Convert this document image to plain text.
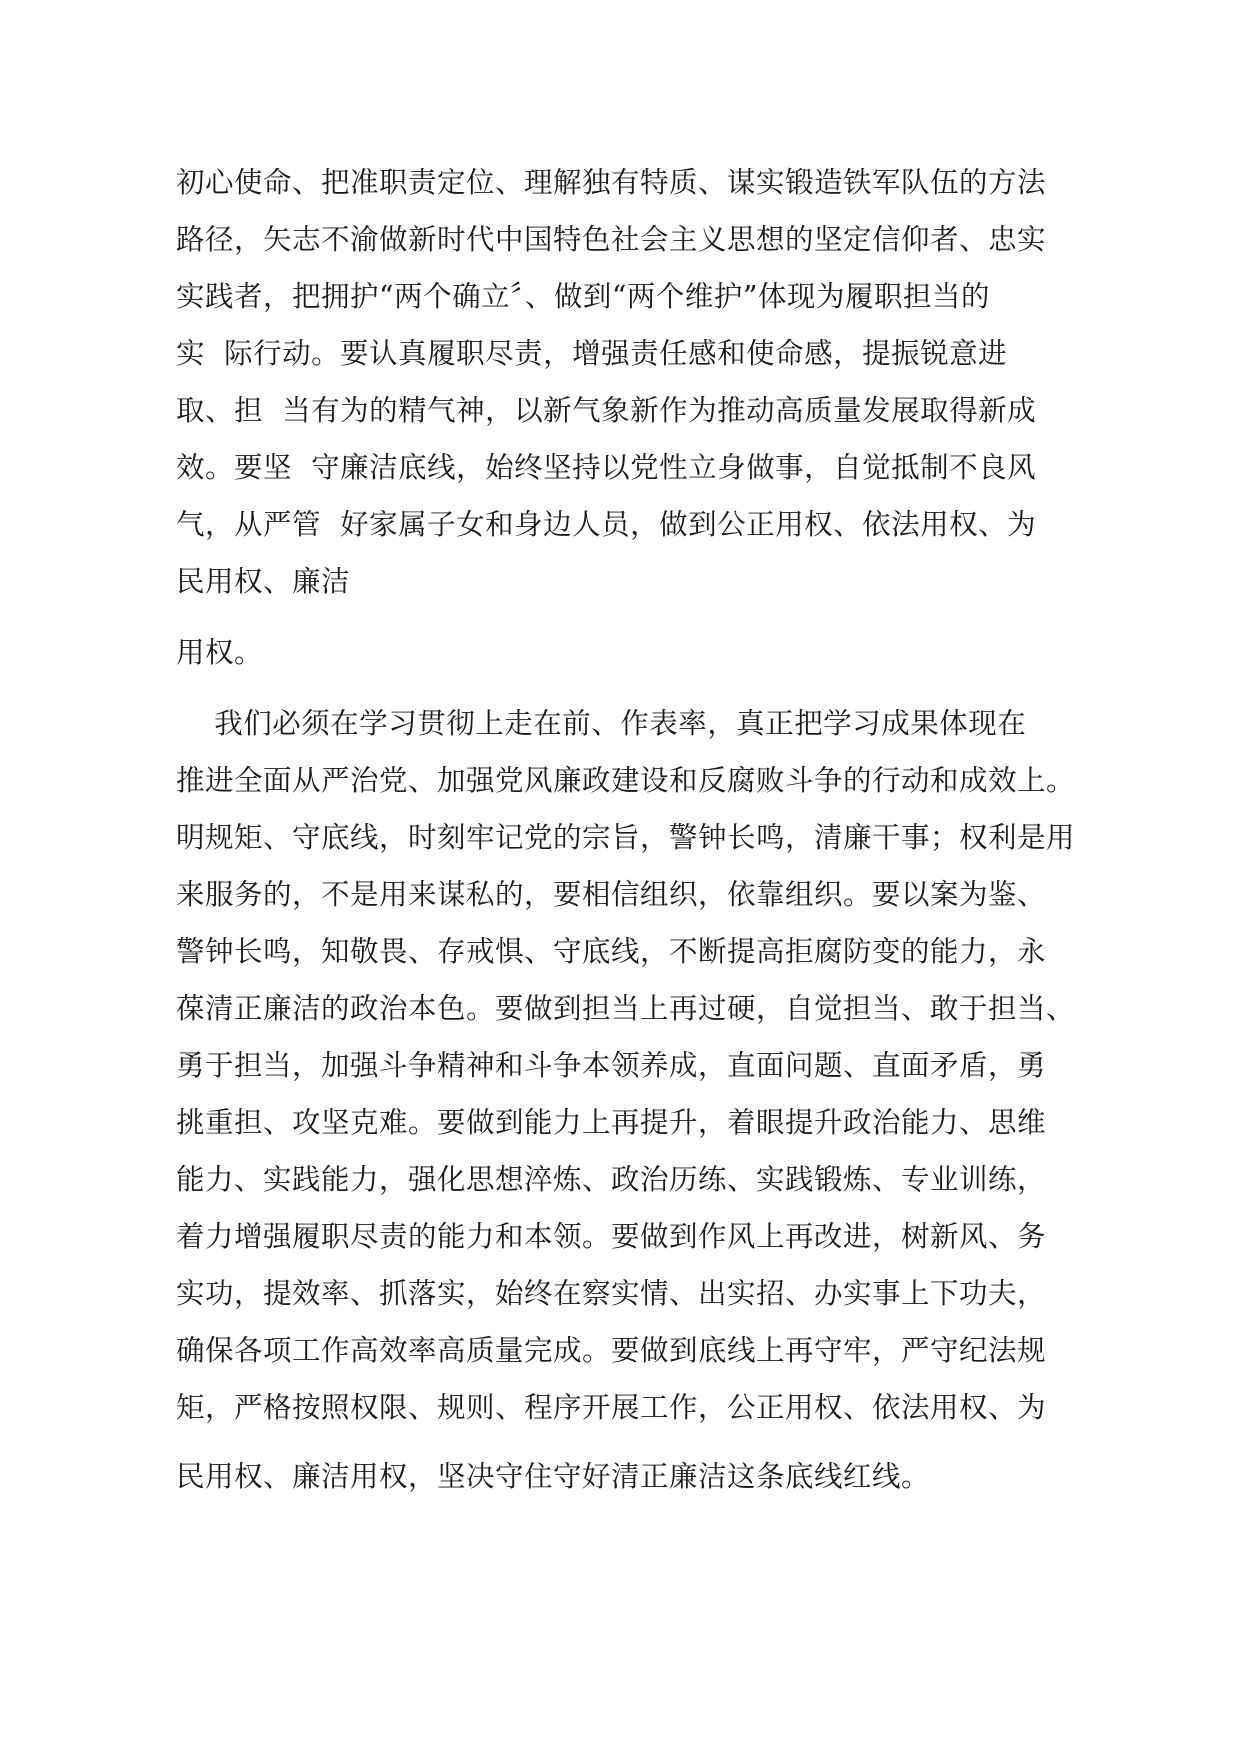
初心使命、把准职责定位、理解独有特质、谋实锻造铁军队伍的方法
路径，矢志不渝做新时代中国特色社会主义思想的坚定信仰者、忠实
实践者，把拥护“两个确立〞、做到“两个维护”体现为履职担当的
实  际行动。要认真履职尽责，增强责任感和使命感，提振锐意进
取、担  当有为的精气神，以新气象新作为推动高质量发展取得新成
效。要坚  守廉洁底线，始终坚持以党性立身做事，自觉抵制不良风
气，从严管  好家属子女和身边人员，做到公正用权、依法用权、为
民用权、廉洁
用权。
我们必须在学习贯彻上走在前、作表率，真正把学习成果体现在
推进全面从严治党、加强党风廉政建设和反腐败斗争的行动和成效上。
明规矩、守底线，时刻牢记党的宗旨，警钟长鸣，清廉干事；权利是用
来服务的，不是用来谋私的，要相信组织，依靠组织。要以案为鉴、
警钟长鸣，知敬畏、存戒惧、守底线，不断提高拒腐防变的能力，永
葆清正廉洁的政治本色。要做到担当上再过硬，自觉担当、敢于担当、
勇于担当，加强斗争精神和斗争本领养成，直面问题、直面矛盾，勇
挑重担、攻坚克难。要做到能力上再提升，着眼提升政治能力、思维
能力、实践能力，强化思想淬炼、政治历练、实践锻炼、专业训练，
着力增强履职尽责的能力和本领。要做到作风上再改进，树新风、务
实功，提效率、抓落实，始终在察实情、出实招、办实事上下功夫，
确保各项工作高效率高质量完成。要做到底线上再守牢，严守纪法规
矩，严格按照权限、规则、程序开展工作，公正用权、依法用权、为
民用权、廉洁用权，坚决守住守好清正廉洁这条底线红线。
